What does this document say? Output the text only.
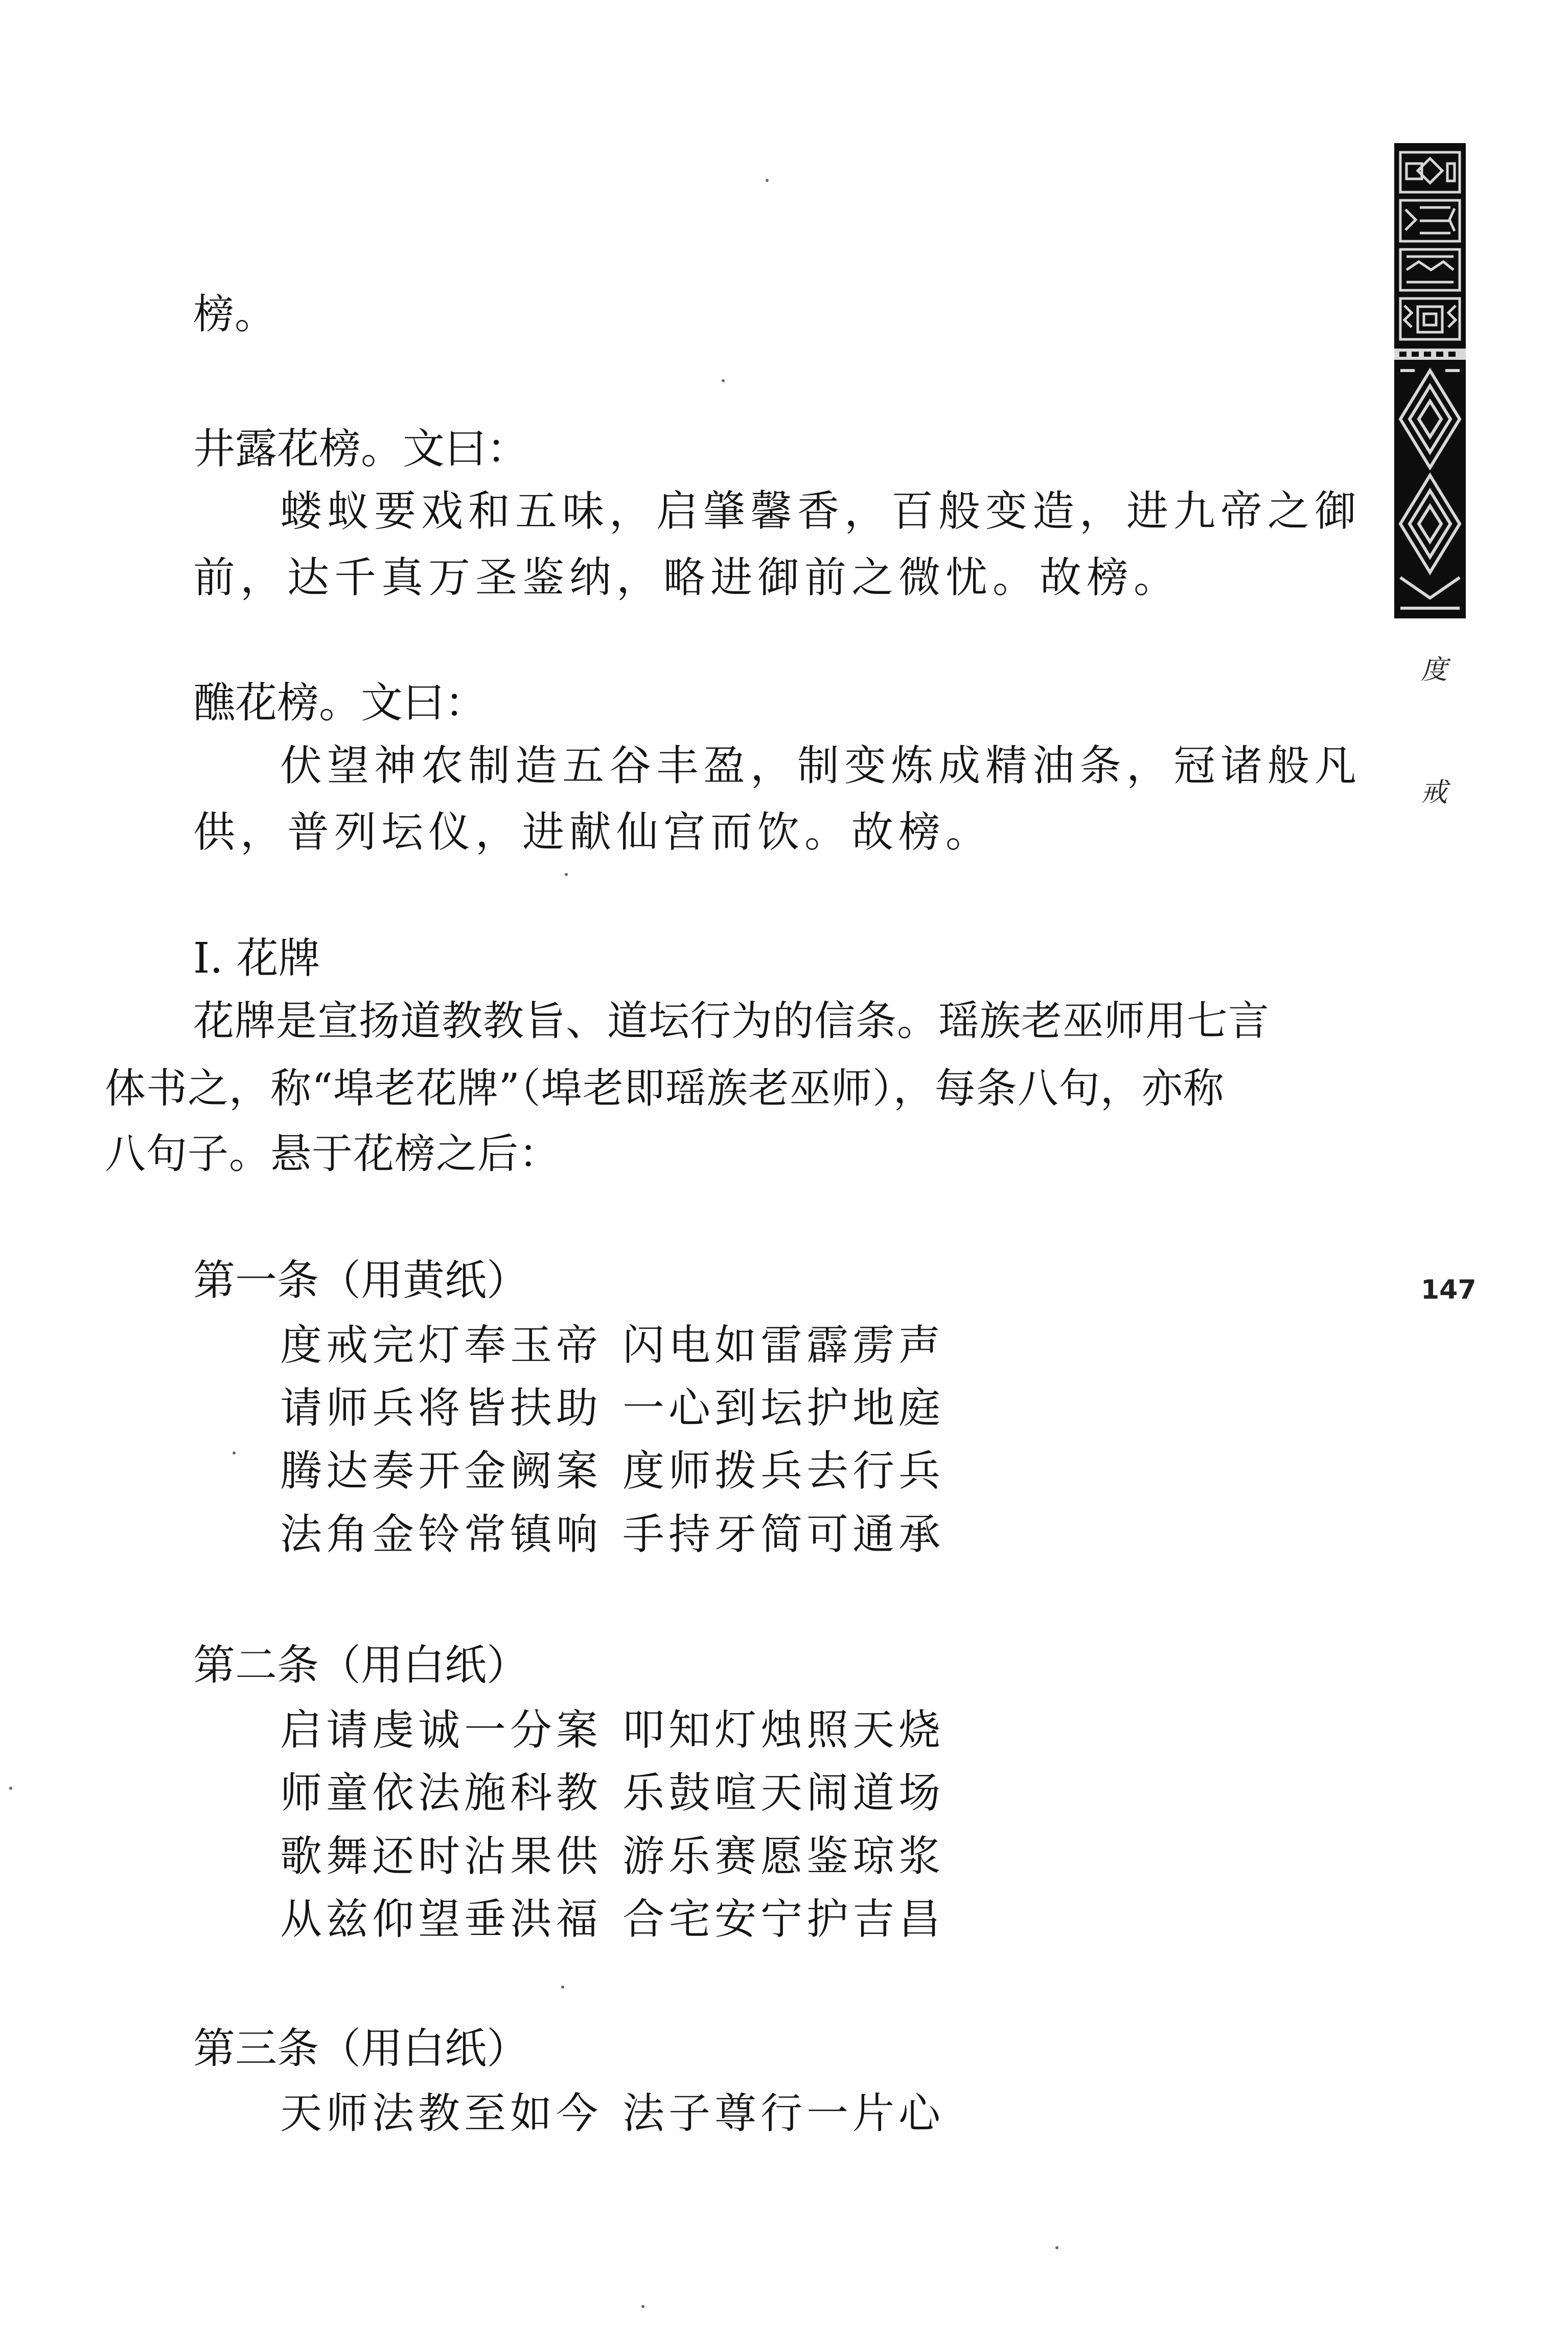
度
戒
147
榜。
井露花榜。文曰：
蝼蚁要戏和五味，启肇馨香，百般变造，进九帝之御
前，达千真万圣鉴纳，略进御前之微忧。故榜。
醮花榜。文曰：
伏望神农制造五谷丰盈，制变炼成精油条，冠诸般凡
供，普列坛仪，进献仙宫而饮。故榜。
I. 花牌
花牌是宣扬道教教旨、道坛行为的信条。瑶族老巫师用七言
体书之，称“埠老花牌”（埠老即瑶族老巫师），每条八句，亦称
八句子。悬于花榜之后：
第一条（用黄纸）
度戒完灯奉玉帝 闪电如雷霹雳声
请师兵将皆扶助 一心到坛护地庭
腾达奏开金阙案 度师拨兵去行兵
法角金铃常镇响 手持牙简可通承
第二条（用白纸）
启请虔诚一分案 叩知灯烛照天烧
师童依法施科教 乐鼓喧天闹道场
歌舞还时沾果供 游乐赛愿鉴琼浆
从兹仰望垂洪福 合宅安宁护吉昌
第三条（用白纸）
天师法教至如今 法子尊行一片心
